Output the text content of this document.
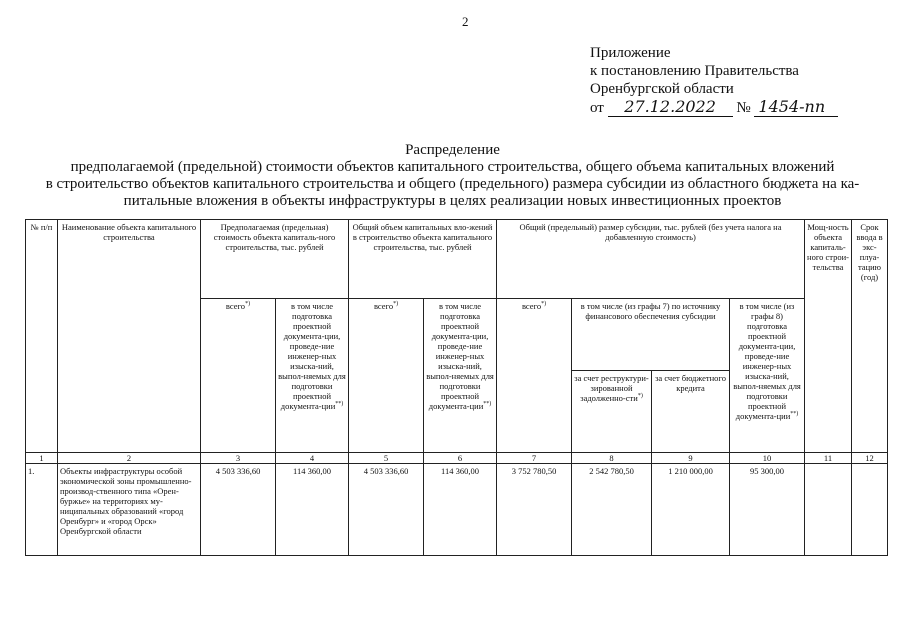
2
Приложение
к постановлению Правительства
Оренбургской области
от 27.12.2022 № 1454-пп
Распределение
предполагаемой (предельной) стоимости объектов капитального строительства, общего объема капитальных вложений
в строительство объектов капитального строительства и общего (предельного) размера субсидии из областного бюджета на ка-
питальные вложения в объекты инфраструктуры в целях реализации новых инвестиционных проектов
№ п/п	Наименование объекта капитального строительства	Предполагаемая (предельная) стоимость объекта капиталь-ного строительства, тыс. рублей		Общий объем капитальных вло-жений в строительство объекта капитального строительства, тыс. рублей		Общий (предельный) размер субсидии, тыс. рублей (без учета налога на добавленную стоимость)				Мощ-ность объекта капиталь-ного строи-тельства	Срок ввода в экс-плуа-тацию (год)
		всего*)	в том числе подготовка проектной документа-ции, проведе-ние инженер-ных изыска-ний, выпол-няемых для подготовки проектной документа-ции**)	всего*)	в том числе подготовка проектной документа-ции, проведе-ние инженер-ных изыска-ний, выпол-няемых для подготовки проектной документа-ции**)	всего*)	в том числе (из графы 7) по источнику финансового обеспечения субсидии		в том числе (из графы 8) подготовка проектной документа-ции, проведе-ние инженер-ных изыска-ний, выпол-няемых для подготовки проектной документа-ции**)
							за счет реструктури-зированной задолженно-сти*)	за счет бюджетного кредита			
1	2	3	4	5	6	7	8	9	10	11	12
1.	Объекты инфраструктуры особой экономической зоны промышленно-производ-ственного типа «Орен-буржье» на территориях му-ниципальных образований «город Оренбург» и «город Орск» Оренбургской области	4 503 336,60	114 360,00	4 503 336,60	114 360,00	3 752 780,50	2 542 780,50	1 210 000,00	95 300,00		
